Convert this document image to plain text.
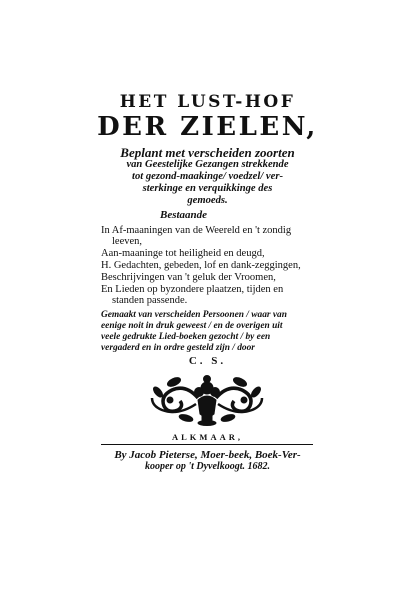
HET LUST-HOF
DER ZIELEN,
Beplant met verscheiden zoorten
van Geestelijke Gezangen strekkende
tot gezond-maakinge/ voedzel/ ver-
sterkinge en verquikkinge des
gemoeds.
Bestaande
In Af-maaningen van de Weereld en 't zondig
leeven,
Aan-maaninge tot heiligheid en deugd,
H. Gedachten, gebeden, lof en dank-zeggingen,
Beschrijvingen van 't geluk der Vroomen,
En Lieden op byzondere plaatzen, tijden en
standen passende.
Gemaakt van verscheiden Persoonen / waar van
eenige noit in druk geweest / en de overigen uit
veele gedrukte Lied-boeken gezocht / by een
vergaderd en in ordre gesteld zijn / door
C. S.
ALKMAAR,
By Jacob Pieterse, Moer-beek, Boek-Ver-
kooper op 't Dyvelkoogt. 1682.
